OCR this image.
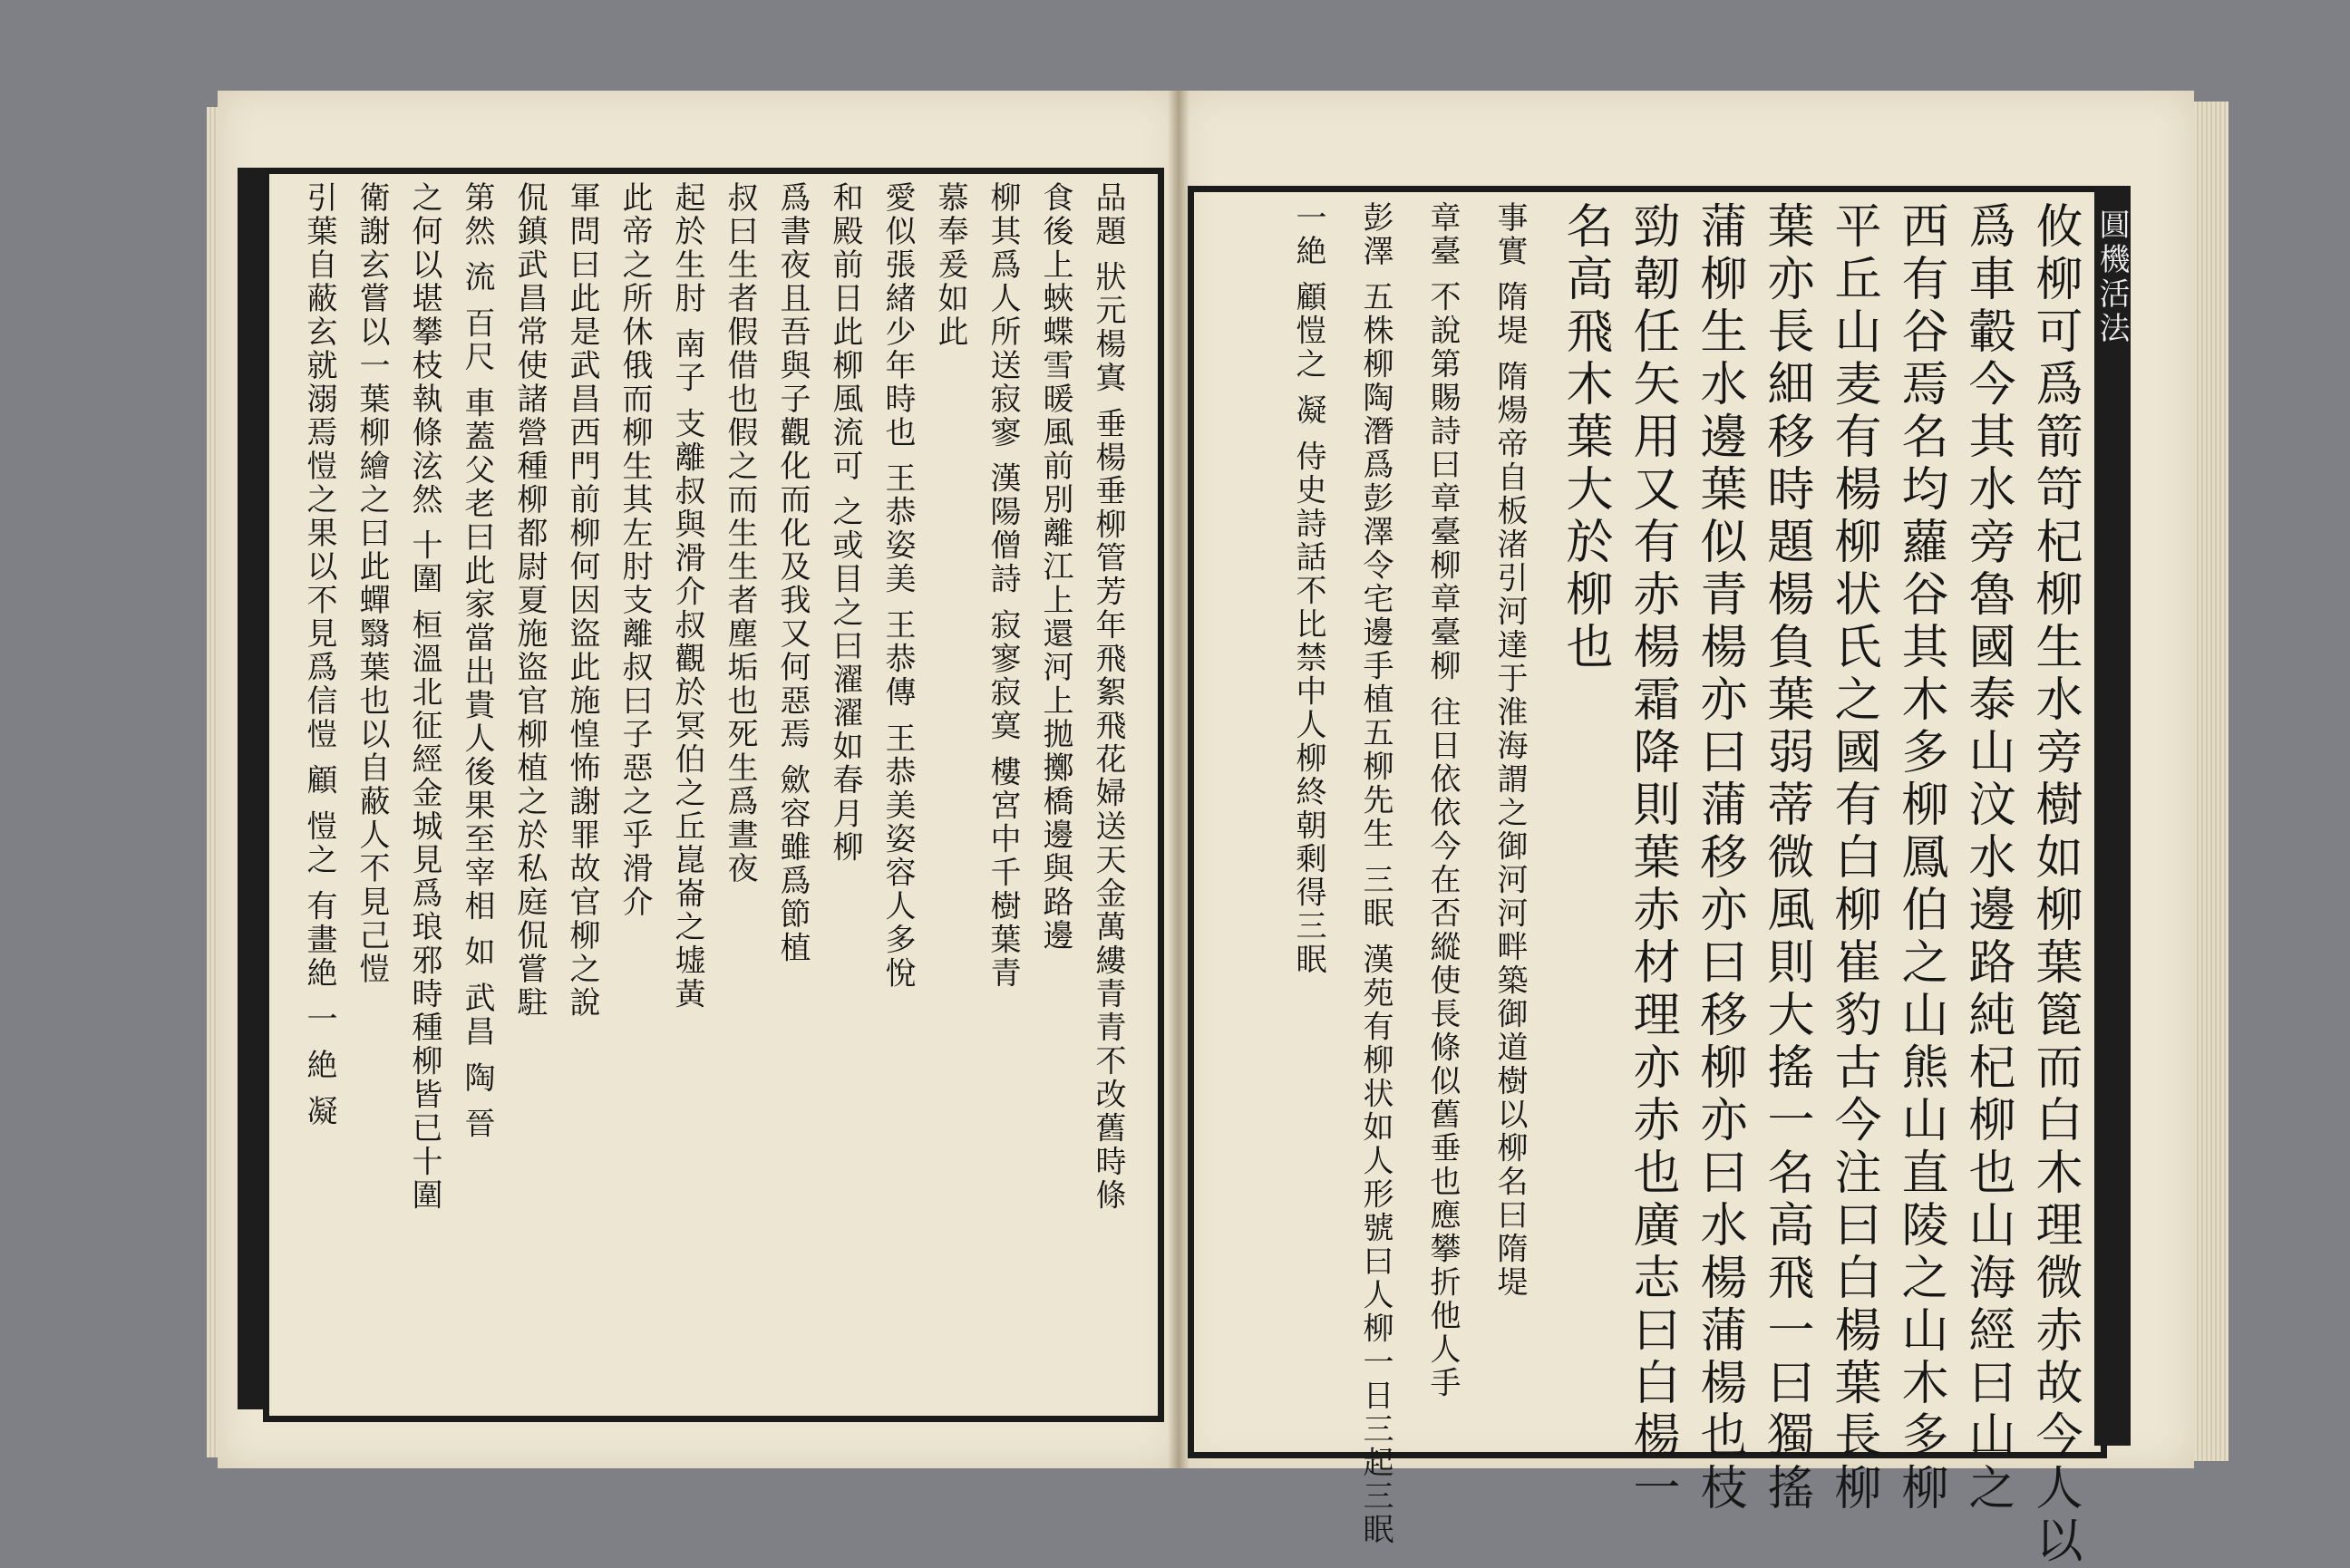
圓機活法
攸柳可爲箭笴杞柳生水旁樹如柳葉篦而白木理微赤故今人以
爲車轂今其水旁魯國泰山汶水邊路純杞柳也山海經曰山之
西有谷焉名均蘿谷其木多柳鳳伯之山熊山直陵之山木多柳
平丘山麦有楊柳状氏之國有白柳崔豹古今注曰白楊葉長柳
葉亦長細移時題楊負葉弱蒂微風則大搖一名高飛一曰獨搖
蒲柳生水邊葉似青楊亦曰蒲移亦曰移柳亦曰水楊蒲楊也枝
勁韌任矢用又有赤楊霜降則葉赤材理亦赤也廣志曰白楊一
名高飛木葉大於柳也
事實 隋堤 隋煬帝自板渚引河達于淮海謂之御河河畔築御道樹以柳名曰隋堤
章臺 不說第賜詩曰章臺柳章臺柳 往日依依今在否縱使長條似舊垂也應攀折他人手
彭澤 五株柳陶潛爲彭澤令宅邊手植五柳先生 三眠 漢苑有柳状如人形號曰人柳一日三起三眠
一絶 顧愷之 凝 侍史詩話不比禁中人柳終朝剩得三眠
品題 狀元楊寘 垂楊垂柳管芳年飛絮飛花婦送天金萬縷青青不改舊時條
食後上蛺蝶雪暖風前別離江上還河上拋擲橋邊與路邊
柳其爲人所送寂寥 漢陽僧詩 寂寥寂寞 樓宮中千樹葉青
慕奉爰如此
愛似張緒少年時也 王恭姿美 王恭傳 王恭美姿容人多悅
和殿前日此柳風流可 之或目之曰濯濯如春月柳
爲書夜且吾與子觀化而化及我又何惡焉 歛容雖爲節植
叔曰生者假借也假之而生生者塵垢也死生爲晝夜
起於生肘 南子 支離叔與滑介叔觀於冥伯之丘崑崙之墟黃
此帝之所休俄而柳生其左肘支離叔曰子惡之乎滑介
軍問曰此是武昌西門前柳何因盜此施惶怖謝罪故官柳之說
侃鎮武昌常使諸營種柳都尉夏施盜官柳植之於私庭侃嘗駐
第然 流 百尺 車蓋父老曰此家當出貴人後果至宰相 如 武昌 陶 晉
之何以堪攀枝執條泫然 十圍 桓溫北征經金城見爲琅邪時種柳皆已十圍
衛謝玄嘗以一葉柳繪之曰此蟬翳葉也以自蔽人不見己愷
引葉自蔽玄就溺焉愷之果以不見爲信愷 顧 愷之 有畫絶 一 絶 凝
